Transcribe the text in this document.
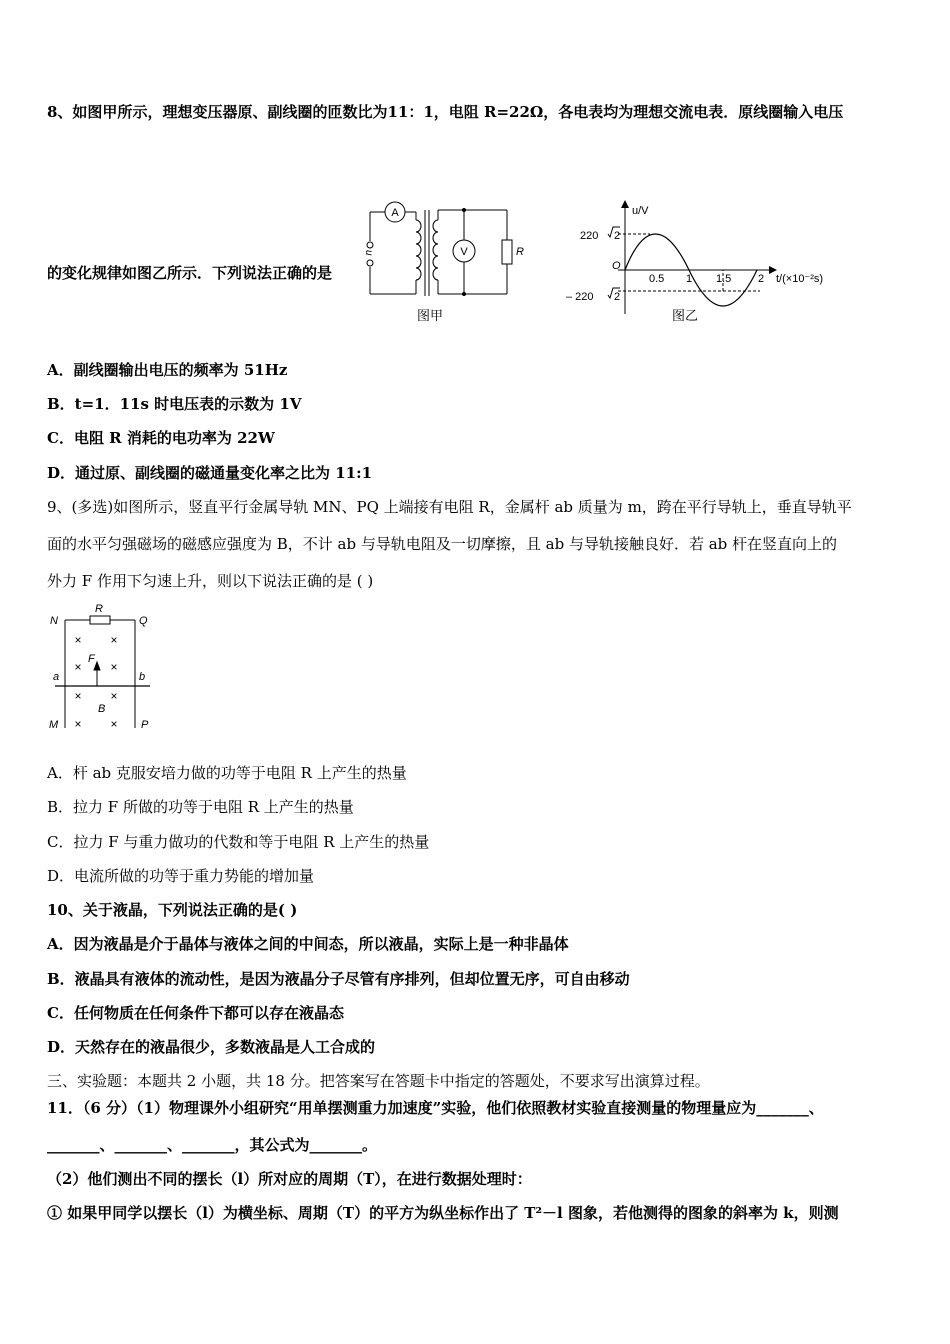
8、如图甲所示，理想变压器原、副线圈的匝数比为11：1，电阻 R=22Ω，各电表均为理想交流电表．原线圈输入电压
的变化规律如图乙所示．下列说法正确的是
A
V	R
u
图甲
u/V
220 2
– 220 2
O
0.5 1 1.5 2 t/(×10⁻²s)
图乙
A．副线圈输出电压的频率为 51Hz
B．t=1．11s 时电压表的示数为 1V
C．电阻 R 消耗的电功率为 22W
D．通过原、副线圈的磁通量变化率之比为 11:1
9、(多选)如图所示，竖直平行金属导轨 MN、PQ 上端接有电阻 R，金属杆 ab 质量为 m，跨在平行导轨上，垂直导轨平
面的水平匀强磁场的磁感应强度为 B，不计 ab 与导轨电阻及一切摩擦，且 ab 与导轨接触良好．若 ab 杆在竖直向上的
外力 F 作用下匀速上升，则以下说法正确的是 ( )
N	Q
R
a	b
F
B
M	P
× ×
× ×
× ×
× ×
A．杆 ab 克服安培力做的功等于电阻 R 上产生的热量
B．拉力 F 所做的功等于电阻 R 上产生的热量
C．拉力 F 与重力做功的代数和等于电阻 R 上产生的热量
D．电流所做的功等于重力势能的增加量
10、关于液晶，下列说法正确的是( )
A．因为液晶是介于晶体与液体之间的中间态，所以液晶，实际上是一种非晶体
B．液晶具有液体的流动性，是因为液晶分子尽管有序排列，但却位置无序，可自由移动
C．任何物质在任何条件下都可以存在液晶态
D．天然存在的液晶很少，多数液晶是人工合成的
三、实验题：本题共 2 小题，共 18 分。把答案写在答题卡中指定的答题处，不要求写出演算过程。
11．（6 分）（1）物理课外小组研究“用单摆测重力加速度”实验，他们依照教材实验直接测量的物理量应为_______、
_______、_______、_______，其公式为_______。
（2）他们测出不同的摆长（l）所对应的周期（T），在进行数据处理时：
① 如果甲同学以摆长（l）为横坐标、周期（T）的平方为纵坐标作出了 T²－l 图象，若他测得的图象的斜率为 k，则测
